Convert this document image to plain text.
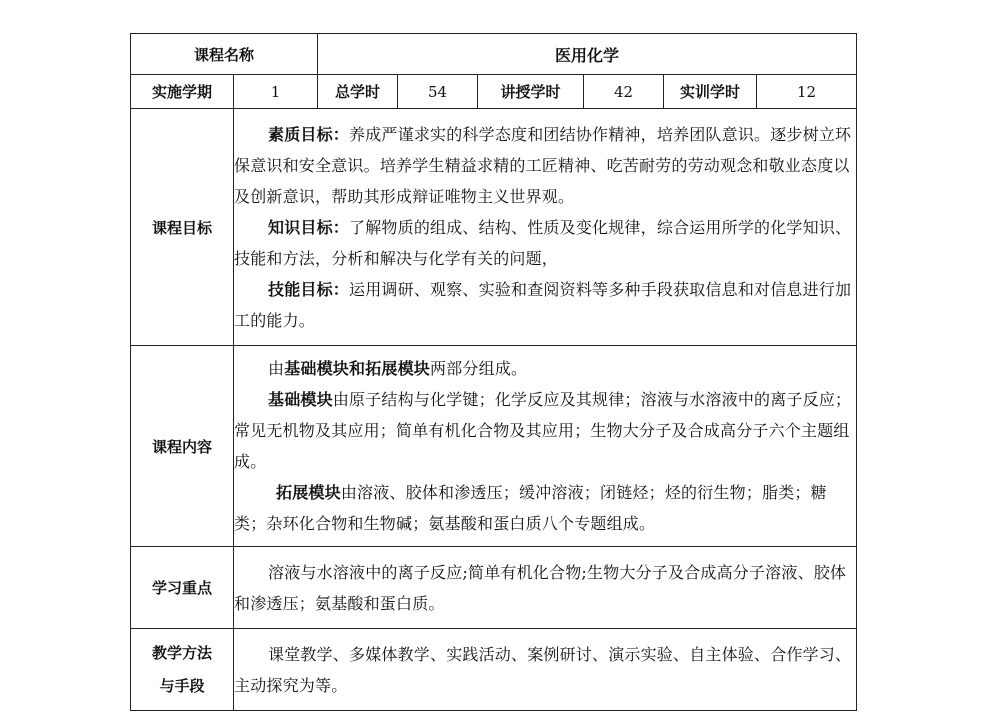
课程名称		医用化学					
实施学期	1	总学时	54	讲授学时	42	实训学时	12
课程目标	素质目标：养成严谨求实的科学态度和团结协作精神，培养团队意识。逐步树立环保意识和安全意识。培养学生精益求精的工匠精神、吃苦耐劳的劳动观念和敬业态度以及创新意识，帮助其形成辩证唯物主义世界观。

知识目标：了解物质的组成、结构、性质及变化规律，综合运用所学的化学知识、技能和方法，分析和解决与化学有关的问题，

技能目标：运用调研、观察、实验和查阅资料等多种手段获取信息和对信息进行加工的能力。						

课程内容	由基础模块和拓展模块两部分组成。

基础模块由原子结构与化学键；化学反应及其规律；溶液与水溶液中的离子反应；常见无机物及其应用；简单有机化合物及其应用；生物大分子及合成高分子六个主题组成。

拓展模块由溶液、胶体和渗透压；缓冲溶液；闭链烃；烃的衍生物；脂类；糖类；杂环化合物和生物碱；氨基酸和蛋白质八个专题组成。						

学习重点	溶液与水溶液中的离子反应;简单有机化合物;生物大分子及合成高分子溶液、胶体和渗透压；氨基酸和蛋白质。						

教学方法
与手段	课堂教学、多媒体教学、实践活动、案例研讨、演示实验、自主体验、合作学习、主动探究为等。						
